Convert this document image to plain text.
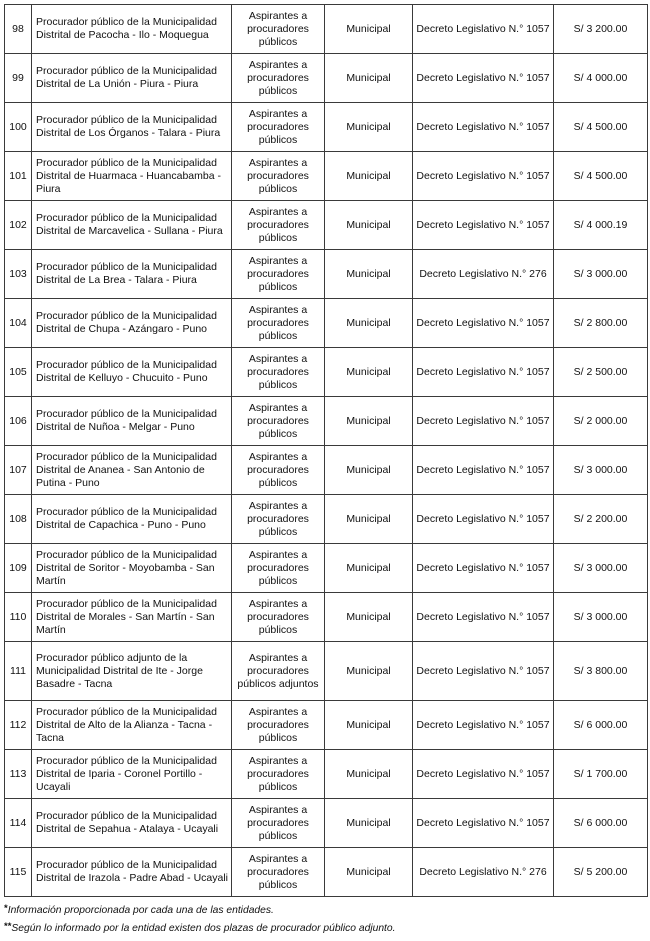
98	Procurador público de la Municipalidad Distrital de Pacocha - Ilo - Moquegua	Aspirantes a procuradores públicos	Municipal	Decreto Legislativo N.° 1057	S/ 3 200.00
99	Procurador público de la Municipalidad Distrital de La Unión - Piura - Piura	Aspirantes a procuradores públicos	Municipal	Decreto Legislativo N.° 1057	S/ 4 000.00
100	Procurador público de la Municipalidad Distrital de Los Órganos - Talara - Piura	Aspirantes a procuradores públicos	Municipal	Decreto Legislativo N.° 1057	S/ 4 500.00
101	Procurador público de la Municipalidad Distrital de Huarmaca - Huancabamba - Piura	Aspirantes a procuradores públicos	Municipal	Decreto Legislativo N.° 1057	S/ 4 500.00
102	Procurador público de la Municipalidad Distrital de Marcavelica - Sullana - Piura	Aspirantes a procuradores públicos	Municipal	Decreto Legislativo N.° 1057	S/ 4 000.19
103	Procurador público de la Municipalidad Distrital de La Brea - Talara - Piura	Aspirantes a procuradores públicos	Municipal	Decreto Legislativo N.° 276	S/ 3 000.00
104	Procurador público de la Municipalidad Distrital de Chupa - Azángaro - Puno	Aspirantes a procuradores públicos	Municipal	Decreto Legislativo N.° 1057	S/ 2 800.00
105	Procurador público de la Municipalidad Distrital de Kelluyo - Chucuito - Puno	Aspirantes a procuradores públicos	Municipal	Decreto Legislativo N.° 1057	S/ 2 500.00
106	Procurador público de la Municipalidad Distrital de Nuñoa - Melgar - Puno	Aspirantes a procuradores públicos	Municipal	Decreto Legislativo N.° 1057	S/ 2 000.00
107	Procurador público de la Municipalidad Distrital de Ananea - San Antonio de Putina - Puno	Aspirantes a procuradores públicos	Municipal	Decreto Legislativo N.° 1057	S/ 3 000.00
108	Procurador público de la Municipalidad Distrital de Capachica - Puno - Puno	Aspirantes a procuradores públicos	Municipal	Decreto Legislativo N.° 1057	S/ 2 200.00
109	Procurador público de la Municipalidad Distrital de Soritor - Moyobamba - San Martín	Aspirantes a procuradores públicos	Municipal	Decreto Legislativo N.° 1057	S/ 3 000.00
110	Procurador público de la Municipalidad Distrital de Morales - San Martín - San Martín	Aspirantes a procuradores públicos	Municipal	Decreto Legislativo N.° 1057	S/ 3 000.00
111	Procurador público adjunto de la Municipalidad Distrital de Ite - Jorge Basadre - Tacna	Aspirantes a procuradores públicos adjuntos	Municipal	Decreto Legislativo N.° 1057	S/ 3 800.00
112	Procurador público de la Municipalidad Distrital de Alto de la Alianza - Tacna - Tacna	Aspirantes a procuradores públicos	Municipal	Decreto Legislativo N.° 1057	S/ 6 000.00
113	Procurador público de la Municipalidad Distrital de Iparia - Coronel Portillo - Ucayali	Aspirantes a procuradores públicos	Municipal	Decreto Legislativo N.° 1057	S/ 1 700.00
114	Procurador público de la Municipalidad Distrital de Sepahua - Atalaya - Ucayali	Aspirantes a procuradores públicos	Municipal	Decreto Legislativo N.° 1057	S/ 6 000.00
115	Procurador público de la Municipalidad Distrital de Irazola - Padre Abad - Ucayali	Aspirantes a procuradores públicos	Municipal	Decreto Legislativo N.° 276	S/ 5 200.00
*Información proporcionada por cada una de las entidades.
**Según lo informado por la entidad existen dos plazas de procurador público adjunto.
